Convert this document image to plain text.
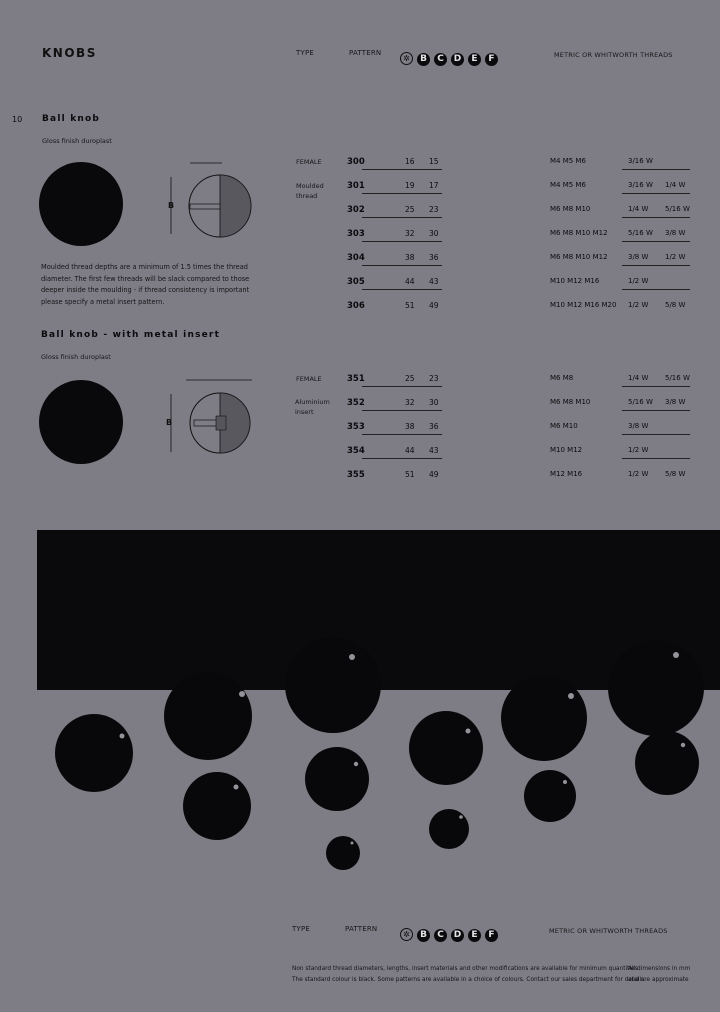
KNOBS	TYPE	PATTERN
✲ B C D E F	METRIC OR WHITWORTH THREADS
10 Ball knob
Gloss finish duroplast
B
Moulded thread depths are a minimum of 1.5 times the thread diameter. The first few threads will be slack compared to those deeper inside the moulding - if thread consistency is important please specify a metal insert pattern.
FEMALE
Moulded thread
300	16 15	M4 M5 M6	3/16 W
301	19 17	M4 M5 M6	3/16 W 1/4 W
302	25 23	M6 M8 M10	1/4 W 5/16 W
303	32 30	M6 M8 M10 M12	5/16 W 3/8 W
304	38 36	M6 M8 M10 M12	3/8 W 1/2 W
305	44 43	M10 M12 M16	1/2 W
306	51 49	M10 M12 M16 M20 1/2 W 5/8 W
Ball knob - with metal insert
Gloss finish duroplast
B
FEMALE
Aluminium insert
351	25 23	M6 M8	1/4 W 5/16 W
352	32 30	M6 M8 M10	5/16 W 3/8 W
353	38 36	M6 M10	3/8 W
354	44 43	M10 M12	1/2 W
355	51 49	M12 M16	1/2 W 5/8 W
TYPE	PATTERN
✲ B C D E F	METRIC OR WHITWORTH THREADS
Non standard thread diameters, lengths, insert materials and other modifications are available for minimum quantities.
The standard colour is black. Some patterns are available in a choice of colours. Contact our sales department for details.
All dimensions in mm
and are approximate
